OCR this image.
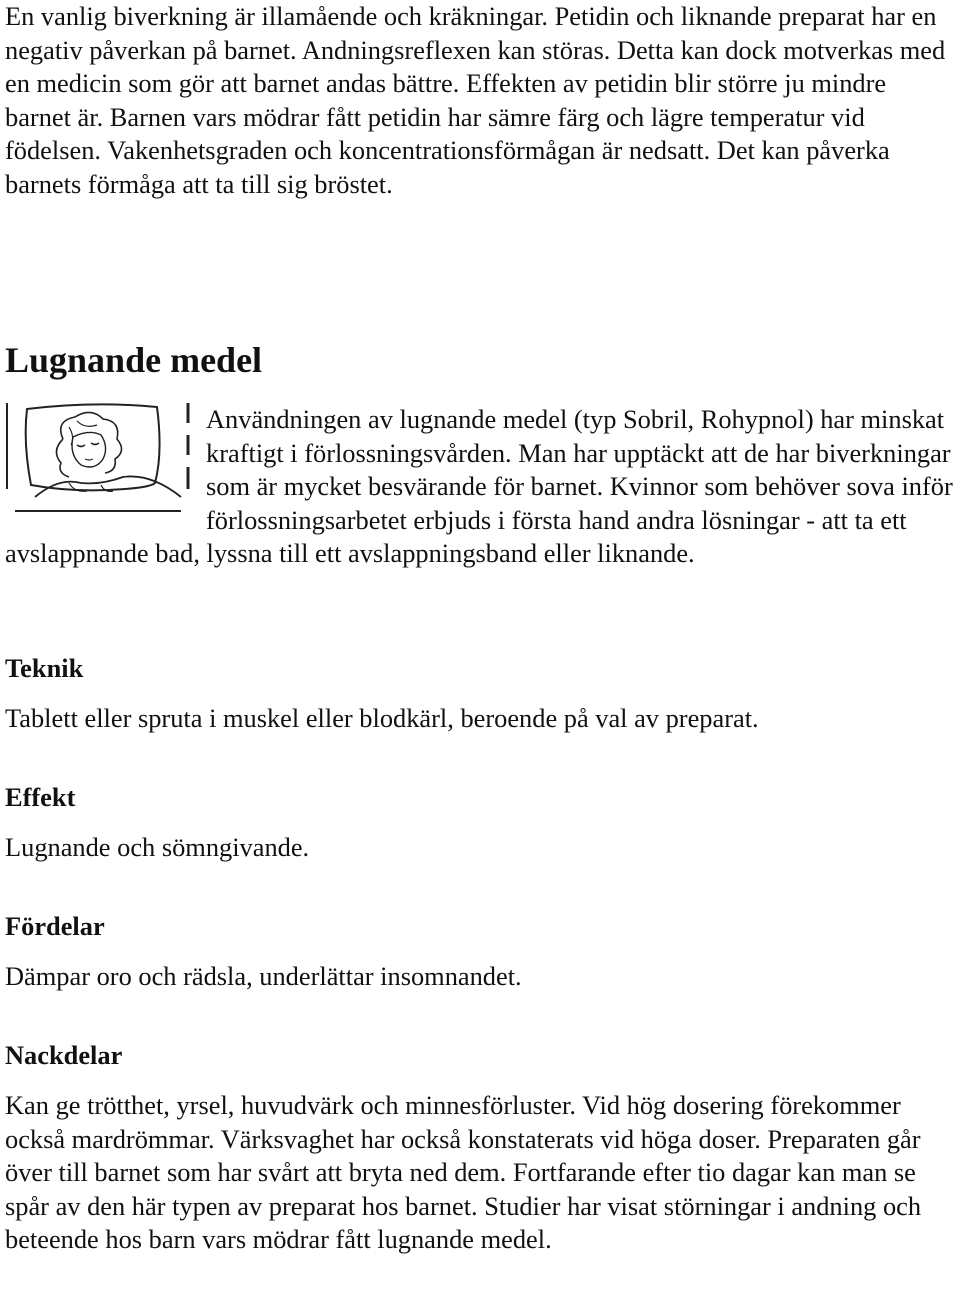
En vanlig biverkning är illamående och kräkningar. Petidin och liknande preparat har en negativ påverkan på barnet. Andningsreflexen kan störas. Detta kan dock motverkas med en medicin som gör att barnet andas bättre. Effekten av petidin blir större ju mindre barnet är. Barnen vars mödrar fått petidin har sämre färg och lägre temperatur vid födelsen. Vakenhetsgraden och koncentrationsförmågan är nedsatt. Det kan påverka barnets förmåga att ta till sig bröstet.

Lugnande medel

Användningen av lugnande medel (typ Sobril, Rohypnol) har minskat kraftigt i förlossningsvården. Man har upptäckt att de har biverkningar som är mycket besvärande för barnet. Kvinnor som behöver sova inför förlossningsarbetet erbjuds i första hand andra lösningar - att ta ett avslappnande bad, lyssna till ett avslappningsband eller liknande.

Teknik

Tablett eller spruta i muskel eller blodkärl, beroende på val av preparat.

Effekt

Lugnande och sömngivande.

Fördelar

Dämpar oro och rädsla, underlättar insomnandet.

Nackdelar

Kan ge trötthet, yrsel, huvudvärk och minnesförluster. Vid hög dosering förekommer också mardrömmar. Värksvaghet har också konstaterats vid höga doser. Preparaten går över till barnet som har svårt att bryta ned dem. Fortfarande efter tio dagar kan man se spår av den här typen av preparat hos barnet. Studier har visat störningar i andning och beteende hos barn vars mödrar fått lugnande medel.
